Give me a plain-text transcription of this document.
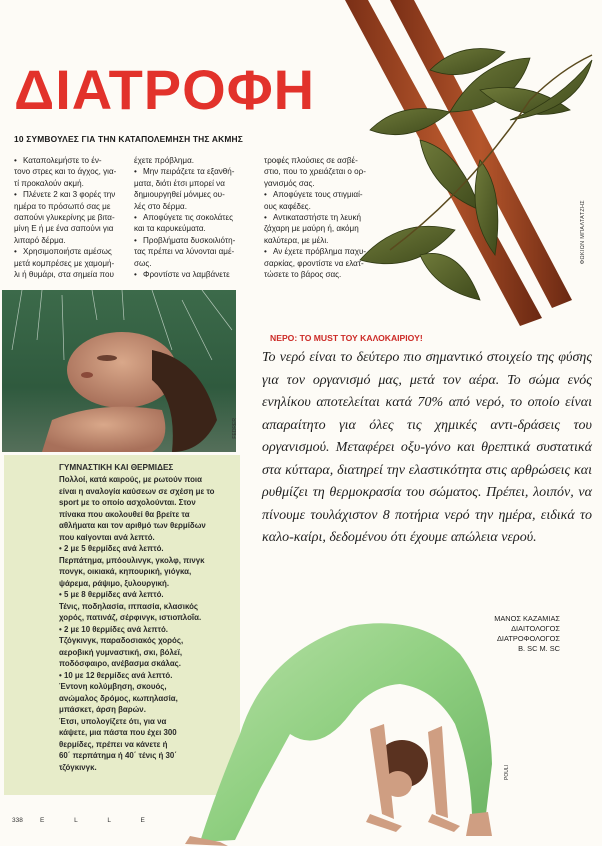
ΔΙΑΤΡΟΦΗ
10 ΣΥΜΒΟΥΛΕΣ ΓΙΑ ΤΗΝ ΚΑΤΑΠΟΛΕΜΗΣΗ ΤΗΣ ΑΚΜΗΣ

• Καταπολεμήστε το έν-

τονο στρες και το άγχος, για-

τί προκαλούν ακμή.

• Πλένετε 2 και 3 φορές την

ημέρα το πρόσωπό σας με

σαπούνι γλυκερίνης με βιτα-

μίνη Ε ή με ένα σαπούνι για

λιπαρό δέρμα.

• Χρησιμοποιήστε αμέσως

μετά κομπρέσες με χαμομή-

λι ή θυμάρι, στα σημεία που

έχετε πρόβλημα.

• Μην πειράζετε τα εξανθή-

ματα, διότι έτσι μπορεί να

δημιουργηθεί μόνιμες ου-

λές στο δέρμα.

• Αποφύγετε τις σοκολάτες

και τα καρυκεύματα.

• Προβλήματα δυσκοιλιότη-

τας πρέπει να λύνονται αμέ-

σως.

• Φροντίστε να λαμβάνετε

τροφές πλούσιες σε ασβέ-

στιο, που το χρειάζεται ο ορ-

γανισμός σας.

• Αποφύγετε τους στιγμιαί-

ους καφέδες.

• Αντικαταστήστε τη λευκή

ζάχαρη με μαύρη ή, ακόμη

καλύτερα, με μέλι.

• Αν έχετε πρόβλημα παχυ-

σαρκίας, φροντίστε να ελατ-

τώσετε το βάρος σας.

ΦΩΚΙΩΝ ΜΠΑΛΤΑΤΖΗΣ
FEDRER
ΝΕΡΟ: ΤΟ MUST ΤΟΥ ΚΑΛΟΚΑΙΡΙΟΥ!
Το νερό είναι το δεύτερο πιο σημαντικό στοιχείο της φύσης για τον οργανισμό μας, μετά τον αέρα. Το σώμα ενός ενηλίκου αποτελείται κατά 70% από νερό, το οποίο είναι απαραίτητο για όλες τις χημικές αντι-δράσεις του οργανισμού. Μεταφέρει οξυ-γόνο και θρεπτικά συστατικά στα κύτταρα, διατηρεί την ελαστικότητα στις αρθρώσεις και ρυθμίζει τη θερμοκρασία του σώματος. Πρέπει, λοιπόν, να πίνουμε τουλάχιστον 8 ποτήρια νερό την ημέρα, ειδικά το καλο-καίρι, δεδομένου ότι έχουμε απώλεια νερού.
ΜΑΝΟΣ ΚΑΖΑΜΙΑΣ
ΔΙΑΙΤΟΛΟΓΟΣ
ΔΙΑΤΡΟΦΟΛΟΓΟΣ
B. SC M. SC
ΓΥΜΝΑΣΤΙΚΗ ΚΑΙ ΘΕΡΜΙΔΕΣ

Πολλοί, κατά καιρούς, με ρωτούν ποια

είναι η αναλογία καύσεων σε σχέση με το

sport με το οποίο ασχολούνται. Στον

πίνακα που ακολουθεί θα βρείτε τα

αθλήματα και τον αριθμό των θερμίδων

που καίγονται ανά λεπτό.

• 2 με 5 θερμίδες ανά λεπτό.

Περπάτημα, μπόουλινγκ, γκολφ, πινγκ

πονγκ, οικιακά, κηπουρική, γιόγκα,

ψάρεμα, ράψιμο, ξυλουργική.

• 5 με 8 θερμίδες ανά λεπτό.

Τένις, ποδηλασία, ιππασία, κλασικός

χορός, πατινάζ, σέρφινγκ, ιστιοπλοΐα.

• 2 με 10 θερμίδες ανά λεπτό.

Τζόγκινγκ, παραδοσιακός χορός,

αεροβική γυμναστική, σκι, βόλεϊ,

ποδόσφαιρο, ανέβασμα σκάλας.

• 10 με 12 θερμίδες ανά λεπτό.

Έντονη κολύμβηση, σκουός,

ανώμαλος δρόμος, κωπηλασία,

μπάσκετ, άρση βαρών.

Έτσι, υπολογίζετε ότι, για να

κάψετε, μια πάστα που έχει 300

θερμίδες, πρέπει να κάνετε ή

60΄ περπάτημα ή 40΄ τένις ή 30΄

τζόγκινγκ.	POULI
338	E L L E
